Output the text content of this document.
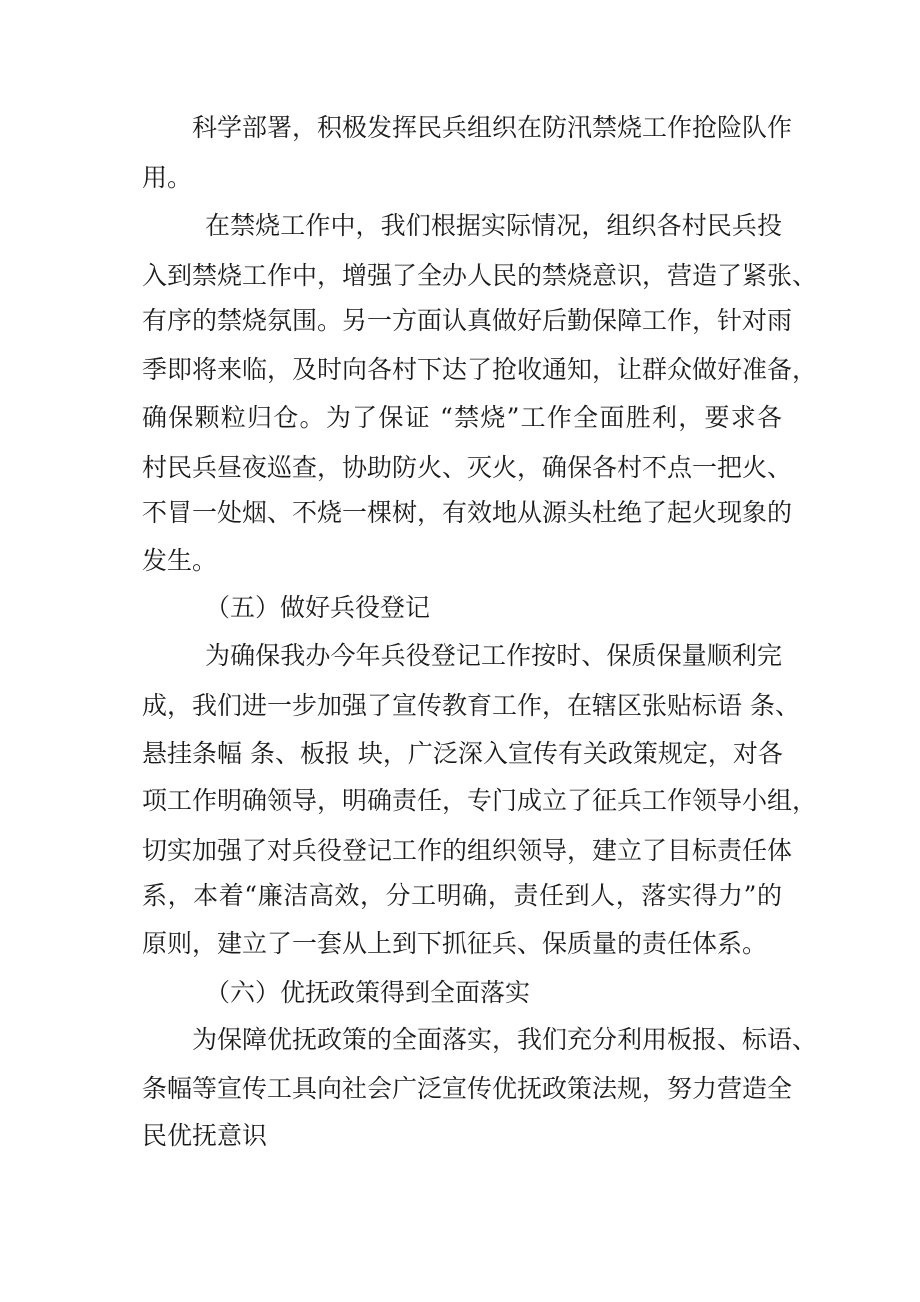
科学部署，积极发挥民兵组织在防汛禁烧工作抢险队作
用。
在禁烧工作中，我们根据实际情况，组织各村民兵投
入到禁烧工作中，增强了全办人民的禁烧意识，营造了紧张、
有序的禁烧氛围。另一方面认真做好后勤保障工作，针对雨
季即将来临，及时向各村下达了抢收通知，让群众做好准备，
确保颗粒归仓。为了保证 “禁烧”工作全面胜利，要求各
村民兵昼夜巡查，协助防火、灭火，确保各村不点一把火、
不冒一处烟、不烧一棵树，有效地从源头杜绝了起火现象的
发生。
（五）做好兵役登记
为确保我办今年兵役登记工作按时、保质保量顺利完
成，我们进一步加强了宣传教育工作，在辖区张贴标语 条、
悬挂条幅 条、板报 块，广泛深入宣传有关政策规定，对各
项工作明确领导，明确责任，专门成立了征兵工作领导小组，
切实加强了对兵役登记工作的组织领导，建立了目标责任体
系，本着“廉洁高效，分工明确，责任到人，落实得力”的
原则，建立了一套从上到下抓征兵、保质量的责任体系。
（六）优抚政策得到全面落实
为保障优抚政策的全面落实，我们充分利用板报、标语、
条幅等宣传工具向社会广泛宣传优抚政策法规，努力营造全
民优抚意识
